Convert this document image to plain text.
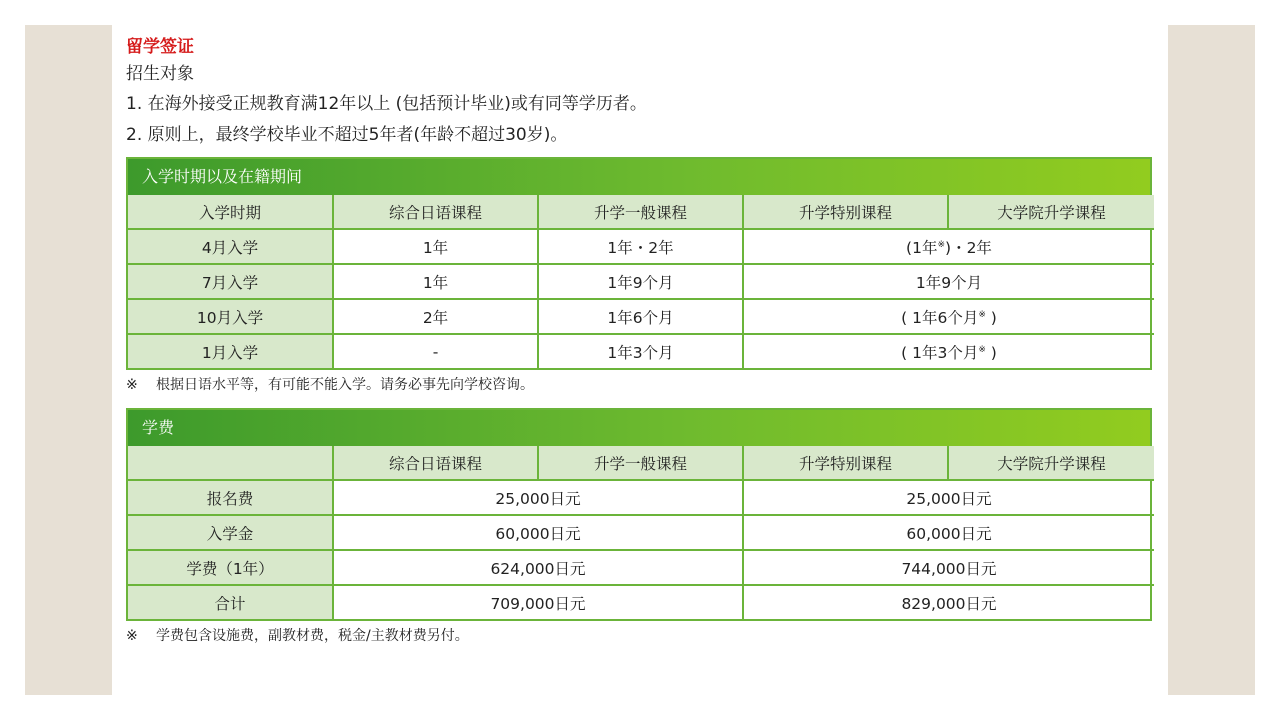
留学签证
招生对象
1. 在海外接受正规教育满12年以上 (包括预计毕业)或有同等学历者。
2. 原则上，最终学校毕业不超过5年者(年龄不超过30岁)。
入学时期以及在籍期间
入学时期	综合日语课程	升学一般课程	升学特别课程	大学院升学课程
4月入学	1年	1年・2年	(1年※)・2年	
7月入学	1年	1年9个月	1年9个月	
10月入学	2年	1年6个月	( 1年6个月※ )	
1月入学	-	1年3个月	( 1年3个月※ )	
※ 根据日语水平等，有可能不能入学。请务必事先向学校咨询。
学费
	综合日语课程	升学一般课程	升学特别课程	大学院升学课程
报名费	25,000日元		25,000日元	
入学金	60,000日元		60,000日元	
学费（1年）	624,000日元		744,000日元	
合计	709,000日元		829,000日元	
※ 学费包含设施费，副教材费，税金/主教材费另付。
